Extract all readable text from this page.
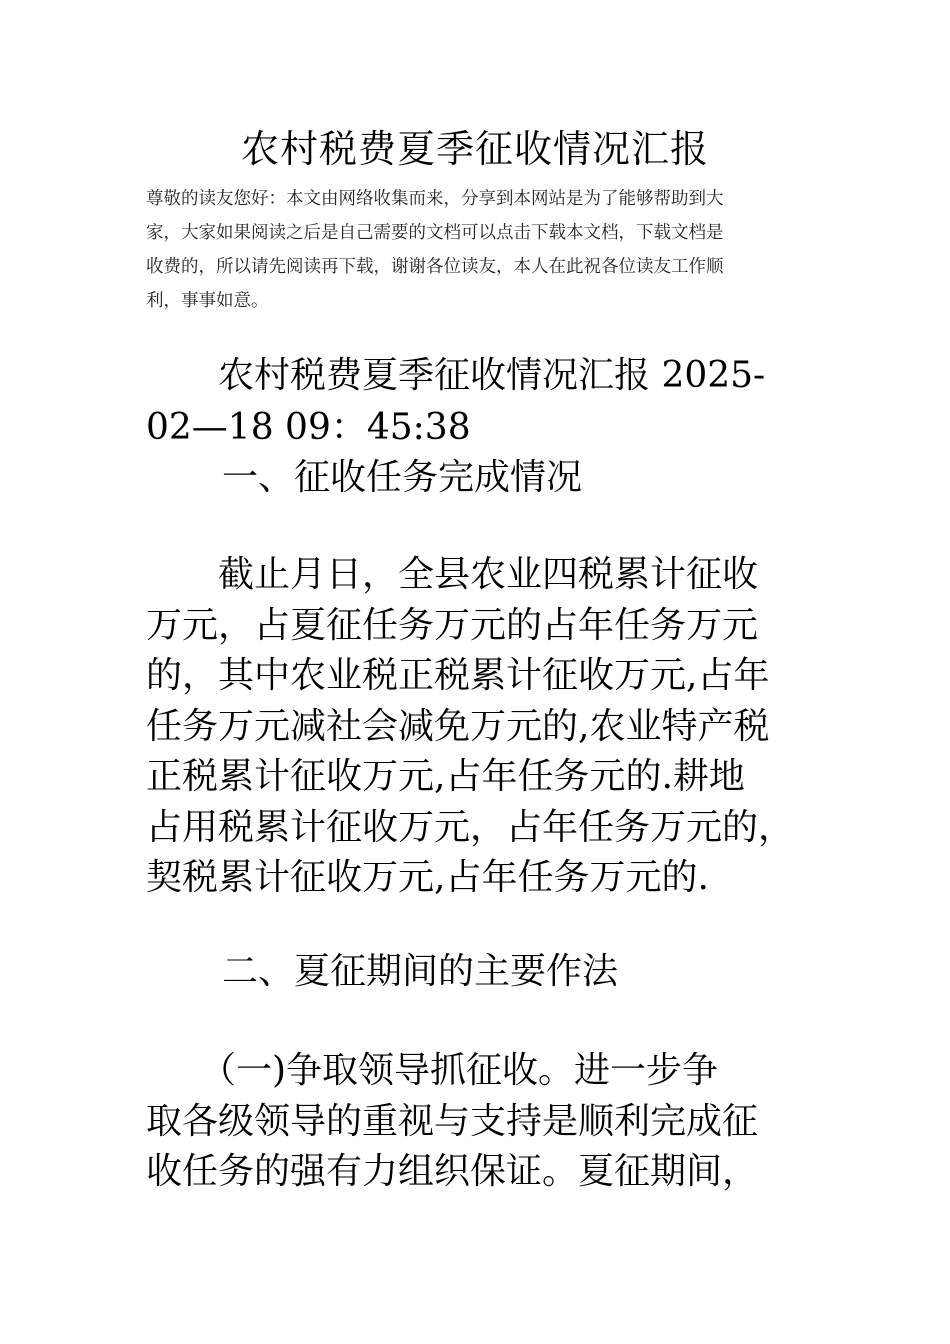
农村税费夏季征收情况汇报

尊敬的读友您好：本文由网络收集而来，分享到本网站是为了能够帮助到大

家，大家如果阅读之后是自己需要的文档可以点击下载本文档，下载文档是

收费的，所以请先阅读再下载，谢谢各位读友，本人在此祝各位读友工作顺

利，事事如意。

　　农村税费夏季征收情况汇报 2025-

02—18 09：45:38

一、征收任务完成情况

　　截止月日，全县农业四税累计征收

万元，占夏征任务万元的占年任务万元

的，其中农业税正税累计征收万元,占年

任务万元减社会减免万元的,农业特产税

正税累计征收万元,占年任务元的.耕地

占用税累计征收万元，占年任务万元的，

契税累计征收万元,占年任务万元的.

二、夏征期间的主要作法

　　（一)争取领导抓征收。进一步争

取各级领导的重视与支持是顺利完成征

收任务的强有力组织保证。夏征期间，
